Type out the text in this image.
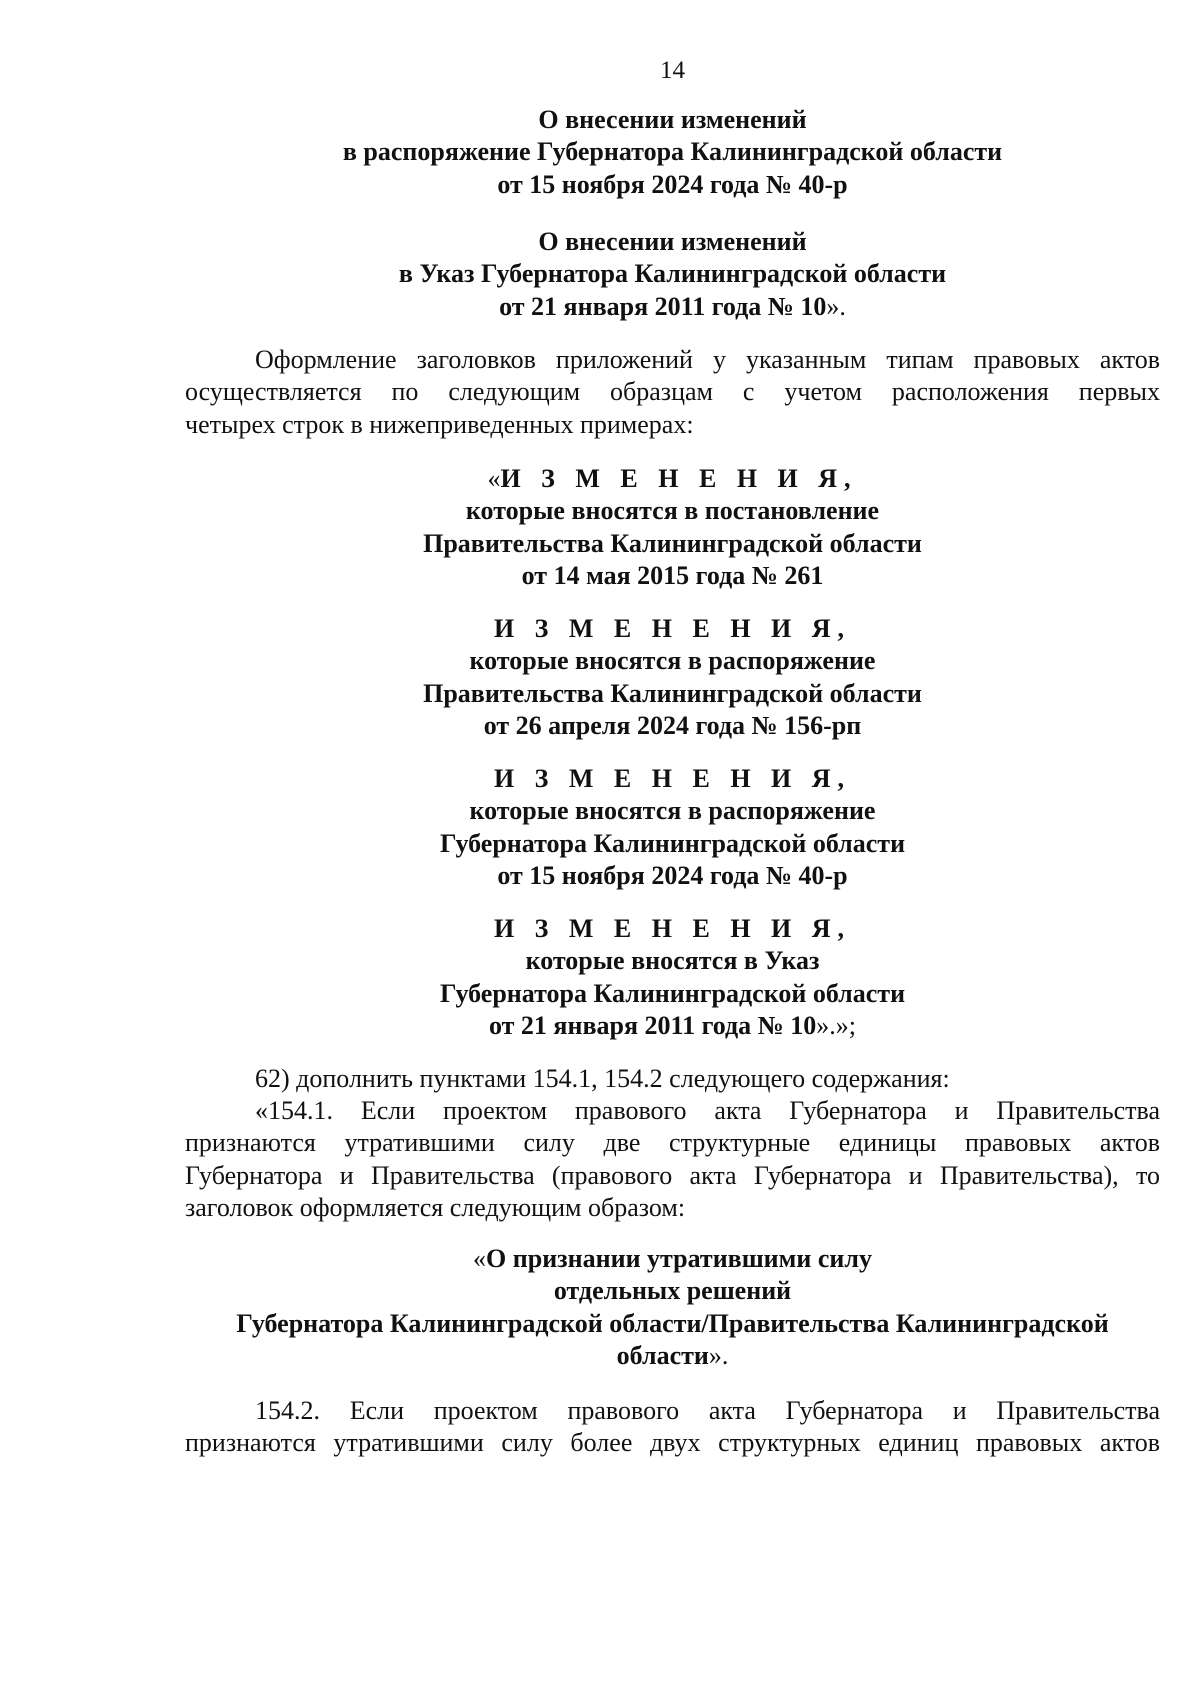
14
О внесении изменений
в распоряжение Губернатора Калининградской области
от 15 ноября 2024 года № 40-р
О внесении изменений
в Указ Губернатора Калининградской области
от 21 января 2011 года № 10».
Оформление заголовков приложений у указанным типам правовых актов
осуществляется по следующим образцам с учетом расположения первых
четырех строк в нижеприведенных примерах:
«И З М Е Н Е Н И Я,
которые вносятся в постановление
Правительства Калининградской области
от 14 мая 2015 года № 261
И З М Е Н Е Н И Я,
которые вносятся в распоряжение
Правительства Калининградской области
от 26 апреля 2024 года № 156-рп
И З М Е Н Е Н И Я,
которые вносятся в распоряжение
Губернатора Калининградской области
от 15 ноября 2024 года № 40-р
И З М Е Н Е Н И Я,
которые вносятся в Указ
Губернатора Калининградской области
от 21 января 2011 года № 10».»;
62) дополнить пунктами 154.1, 154.2 следующего содержания:
«154.1. Если проектом правового акта Губернатора и Правительства
признаются утратившими силу две структурные единицы правовых актов
Губернатора и Правительства (правового акта Губернатора и Правительства), то
заголовок оформляется следующим образом:
«О признании утратившими силу
отдельных решений
Губернатора Калининградской области/Правительства Калининградской
области».
154.2. Если проектом правового акта Губернатора и Правительства
признаются утратившими силу более двух структурных единиц правовых актов
